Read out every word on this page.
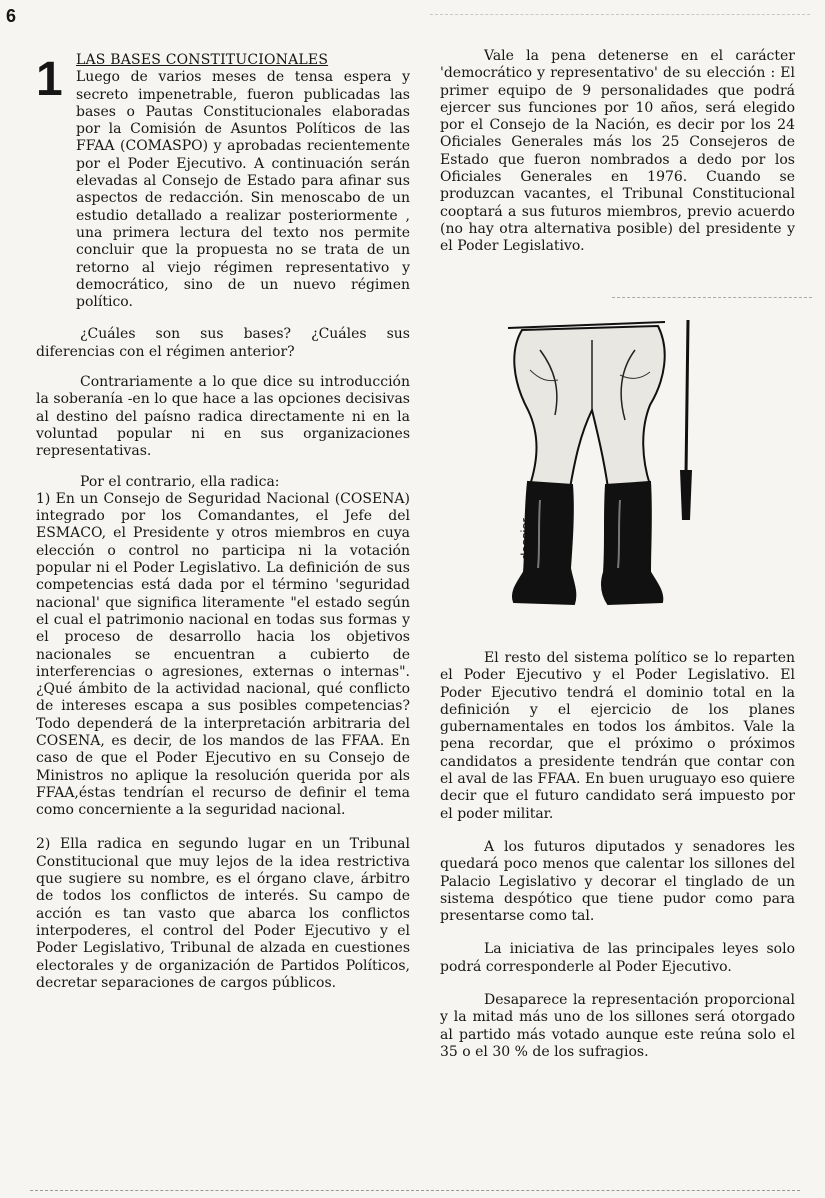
6
1 LAS BASES CONSTITUCIONALES

Luego de varios meses de tensa espera y secreto impenetrable, fueron publicadas las bases o Pautas Constitucionales elaboradas por la Comisión de Asuntos Políticos de las FFAA (COMASPO) y aprobadas recientemente por el Poder Ejecutivo. A continuación serán elevadas al Consejo de Estado para afinar sus aspectos de redacción. Sin menoscabo de un estudio detallado a realizar posteriormente , una primera lectura del texto nos permite concluir que la propuesta no se trata de un retorno al viejo régimen representativo y democrático, sino de un nuevo régimen político.

¿Cuáles son sus bases? ¿Cuáles sus diferencias con el régimen anterior?

Contrariamente a lo que dice su introducción la soberanía -en lo que hace a las opciones decisivas al destino del paísno radica directamente ni en la voluntad popular ni en sus organizaciones representativas.

Por el contrario, ella radica:

1) En un Consejo de Seguridad Nacional (COSENA) integrado por los Comandantes, el Jefe del ESMACO, el Presidente y otros miembros en cuya elección o control no participa ni la votación popular ni el Poder Legislativo. La definición de sus competencias está dada por el término 'seguridad nacional' que significa literamente "el estado según el cual el patrimonio nacional en todas sus formas y el proceso de desarrollo hacia los objetivos nacionales se encuentran a cubierto de interferencias o agresiones, externas o internas". ¿Qué ámbito de la actividad nacional, qué conflicto de intereses escapa a sus posibles competencias? Todo dependerá de la interpretación arbitraria del COSENA, es decir, de los mandos de las FFAA. En caso de que el Poder Ejecutivo en su Consejo de Ministros no aplique la resolución querida por als FFAA,éstas tendrían el recurso de definir el tema como concerniente a la seguridad nacional.

2) Ella radica en segundo lugar en un Tribunal Constitucional que muy lejos de la idea restrictiva que sugiere su nombre, es el órgano clave, árbitro de todos los conflictos de interés. Su campo de acción es tan vasto que abarca los conflictos interpoderes, el control del Poder Ejecutivo y el Poder Legislativo, Tribunal de alzada en cuestiones electorales y de organización de Partidos Políticos, decretar separaciones de cargos públicos.

Vale la pena detenerse en el carácter 'democrático y representativo' de su elección : El primer equipo de 9 personalidades que podrá ejercer sus funciones por 10 años, será elegido por el Consejo de la Nación, es decir por los 24 Oficiales Generales más los 25 Consejeros de Estado que fueron nombrados a dedo por los Oficiales Generales en 1976. Cuando se produzcan vacantes, el Tribunal Constitucional cooptará a sus futuros miembros, previo acuerdo (no hay otra alternativa posible) del presidente y el Poder Legislativo.

dossier

El resto del sistema político se lo reparten el Poder Ejecutivo y el Poder Legislativo. El Poder Ejecutivo tendrá el dominio total en la definición y el ejercicio de los planes gubernamentales en todos los ámbitos. Vale la pena recordar, que el próximo o próximos candidatos a presidente tendrán que contar con el aval de las FFAA. En buen uruguayo eso quiere decir que el futuro candidato será impuesto por el poder militar.

A los futuros diputados y senadores les quedará poco menos que calentar los sillones del Palacio Legislativo y decorar el tinglado de un sistema despótico que tiene pudor como para presentarse como tal.

La iniciativa de las principales leyes solo podrá corresponderle al Poder Ejecutivo.

Desaparece la representación proporcional y la mitad más uno de los sillones será otorgado al partido más votado aunque este reúna solo el 35 o el 30 % de los sufragios.
